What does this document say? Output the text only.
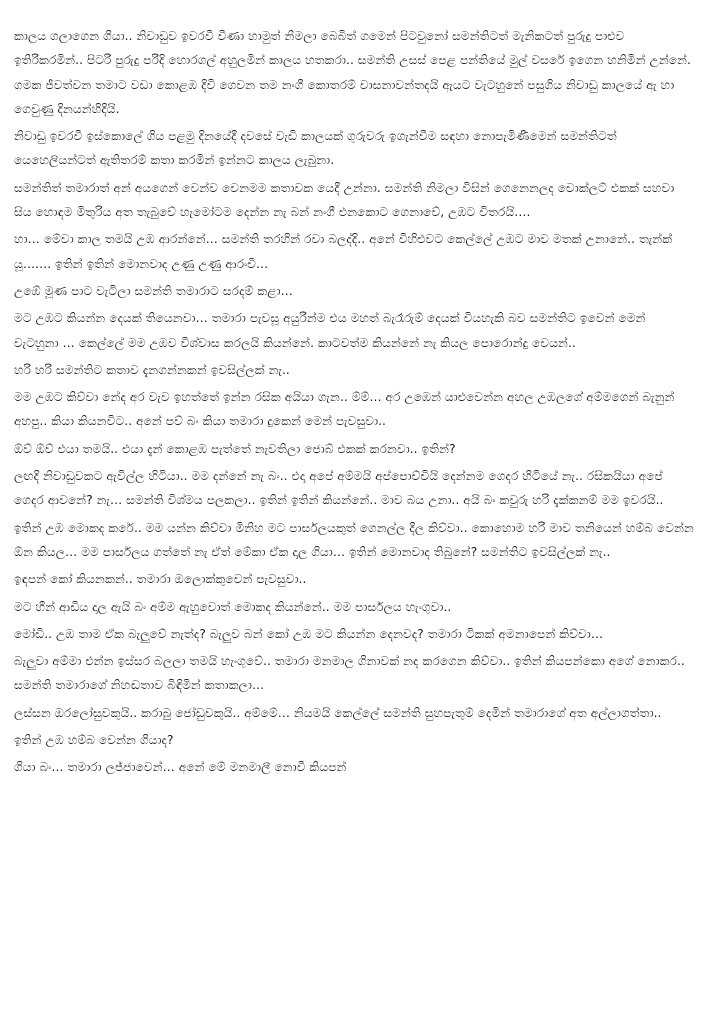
කාලය ගලාගෙන ගියා.. නිවාඩුව ඉවරවී වීණා හාමුත් නිමලා බෙබිත් ගමෙන් පිටවුනෝ සමන්තිටත් මැනිකටත් පුරුදු පාළුව ඉතිරිකරමින්.. පිටරි පුරුදු පරිදි හොරගල් අහුලමින් කාලය හතකරා.. සමන්ති උසස් පෙළ පන්තියේ මුල් වසරේ ඉගෙන හනිමින් උන්නේ. ගමක ජීවත්වන තමාට වඩා කොළඹ දිවි ගෙවන තම නංගී කොතරම් වාසනාවන්තදයි ඇයට වැටහුනේ පසුගිය නිවාඩු කාලයේ ඇ හා ගෙවුණු දිනයන්හිදියි.

නිවාඩු ඉවරවී ඉස්කොලේ ගිය පළමු දිනයේදී දවසේ වැඩි කාලයක් ගුරුවරු ඉගැන්වීම සඳහා නොපැමිණීමෙන් සමන්තිටත් යෙහෙලියන්ටත් ඇතිතරම් කතා කරමින් ඉන්නට කාලය ලැබුනා.

සමන්තිත් තමාරාත් අන් අයගෙන් වෙන්ව වෙනමම කතාවක යෙදී උන්නා. සමන්ති නිමලා විසින් ගෙනෙනලද චොක්ලට් එකක් සහවා සිය හොඳම මිතුරිය අත තැබුවේ හැමෝටම දෙන්න නැ බන් නංගී එනකොට ගෙනාවේ, උඹට විතරයි….

හා… මේවා කාල තමයි උඹ ආරන්නේ… සමන්ති තරහින් රවා බලද්දි.. අනේ විහිළුවට කෙල්ලේ උඹට මාව මතක් උනානේ.. තැන්ක් යූ……. ඉතින් ඉතින් මොනවාද උණු උණු ආරංචි…

උඹේ මූණ පාට වැටිලා සමන්ති තමාරාට සරදම් කළා…

මට උඹට කියන්න දෙයක් තියෙනවා… තමාරා පැවසූ අයුරින්ම එය මහත් බැරෑරුම් දෙයක් වියහැකි බව සමන්තිට ඉවෙන් මෙන් වැටහුනා … කෙල්ලේ මම උඹව විශ්වාස කරලයි කියන්නේ. කාටවත්ම කියන්නේ නැ කියල පොරොන්දු වෙයන්..

හරි හරි සමන්තිට කතාව දැනගන්නකන් ඉවසිල්ලක් නැ..

මම උඹට කිව්වා නේද අර වැව ඉහත්තේ ඉන්න රසික අයියා ගැන.. ම්ම්… අර උඹෙන් යාළුවෙන්න අහල උඹලගේ අම්මගෙන් බැනුන් අහපු.. කියා කියනවිට.. අනේ පව් බං කියා තමාරා දුකෙන් මෙන් පැවසුවා..

ඕව් ඕව් එයා තමයි.. එයා දැන් කොළඹ පැත්තේ නැවතිලා ජොබ් එකක් කරනවා.. ඉතින්?

ලඟදි නිවාඩුවකට ඇවිල්ල හිටියා.. මම දන්නේ නැ බං.. එදා අපේ අම්මයි අප්පොච්චියි දෙන්නම ගෙදර හිටියේ නැ.. රසිකයියා අපේ ගෙදර ආවනේ? නැ… සමන්ති විශ්මය පලකලා.. ඉතින් ඉතින් කියන්නේ.. මාව බය උනා.. අයි බං කවුරු හරි දැක්කනම් මම ඉවරයි..

ඉතින් උඹ මොකද කරේ.. මම යන්න කිව්වා මිනිහ මට පාර්සලයකුත් ගෙනල්ල දීල කිව්වා.. කොහොම හරි මාව තනියෙන් හම්බ වෙන්න ඕන කියල… මම පාර්සලය ගත්තේ නැ ඒත් මේකා ඒක දාල ගියා… ඉතින් මොනවාද තිබුනේ? සමන්තිට ඉවසිල්ලක් නැ..

ඉඳපන් කෝ කියනකන්.. තමාරා ඔලොක්කුවෙන් පැවසුවා..

මට හීන් ආඩිය දාල ඇයි බං අම්ම ඇහුවොත් මොකද කියන්නේ.. මම පාර්සලය හැංගුවා..

මෝඩි.. උඹ තාම ඒක බැලුවේ නැත්ද? බැලුව බන් කෝ උඹ මට කියන්න දෙනවද? තමාරා ටිකක් අමනාපෙන් කිව්වා…

බැලුවා අම්මා එන්න ඉස්සර බලලා තමයි හැංගුවේ.. තමාරා මනමාල ගිනාවක් නද කරගෙන කිව්වා.. ඉතින් කියපන්කො අගේ නොකර.. සමන්ති තමාරාගේ නිහඬතාව බිඳිමින් කතාකලා…

ලස්සන ඔරලෝසුවකුයි.. කරාබු ජෝඩුවකුයි.. අම්මේ… නියමයි කෙල්ලේ සමන්ති සුහපැතුම් දෙමින් තමාරාගේ අත අල්ලාගත්තා..

ඉතින් උඹ හම්බ වෙන්න ගියාද?

ගියා බං… තමාරා ලජ්ජාවෙන්… අනේ මේ මනමාලී නොවී කියපන්
